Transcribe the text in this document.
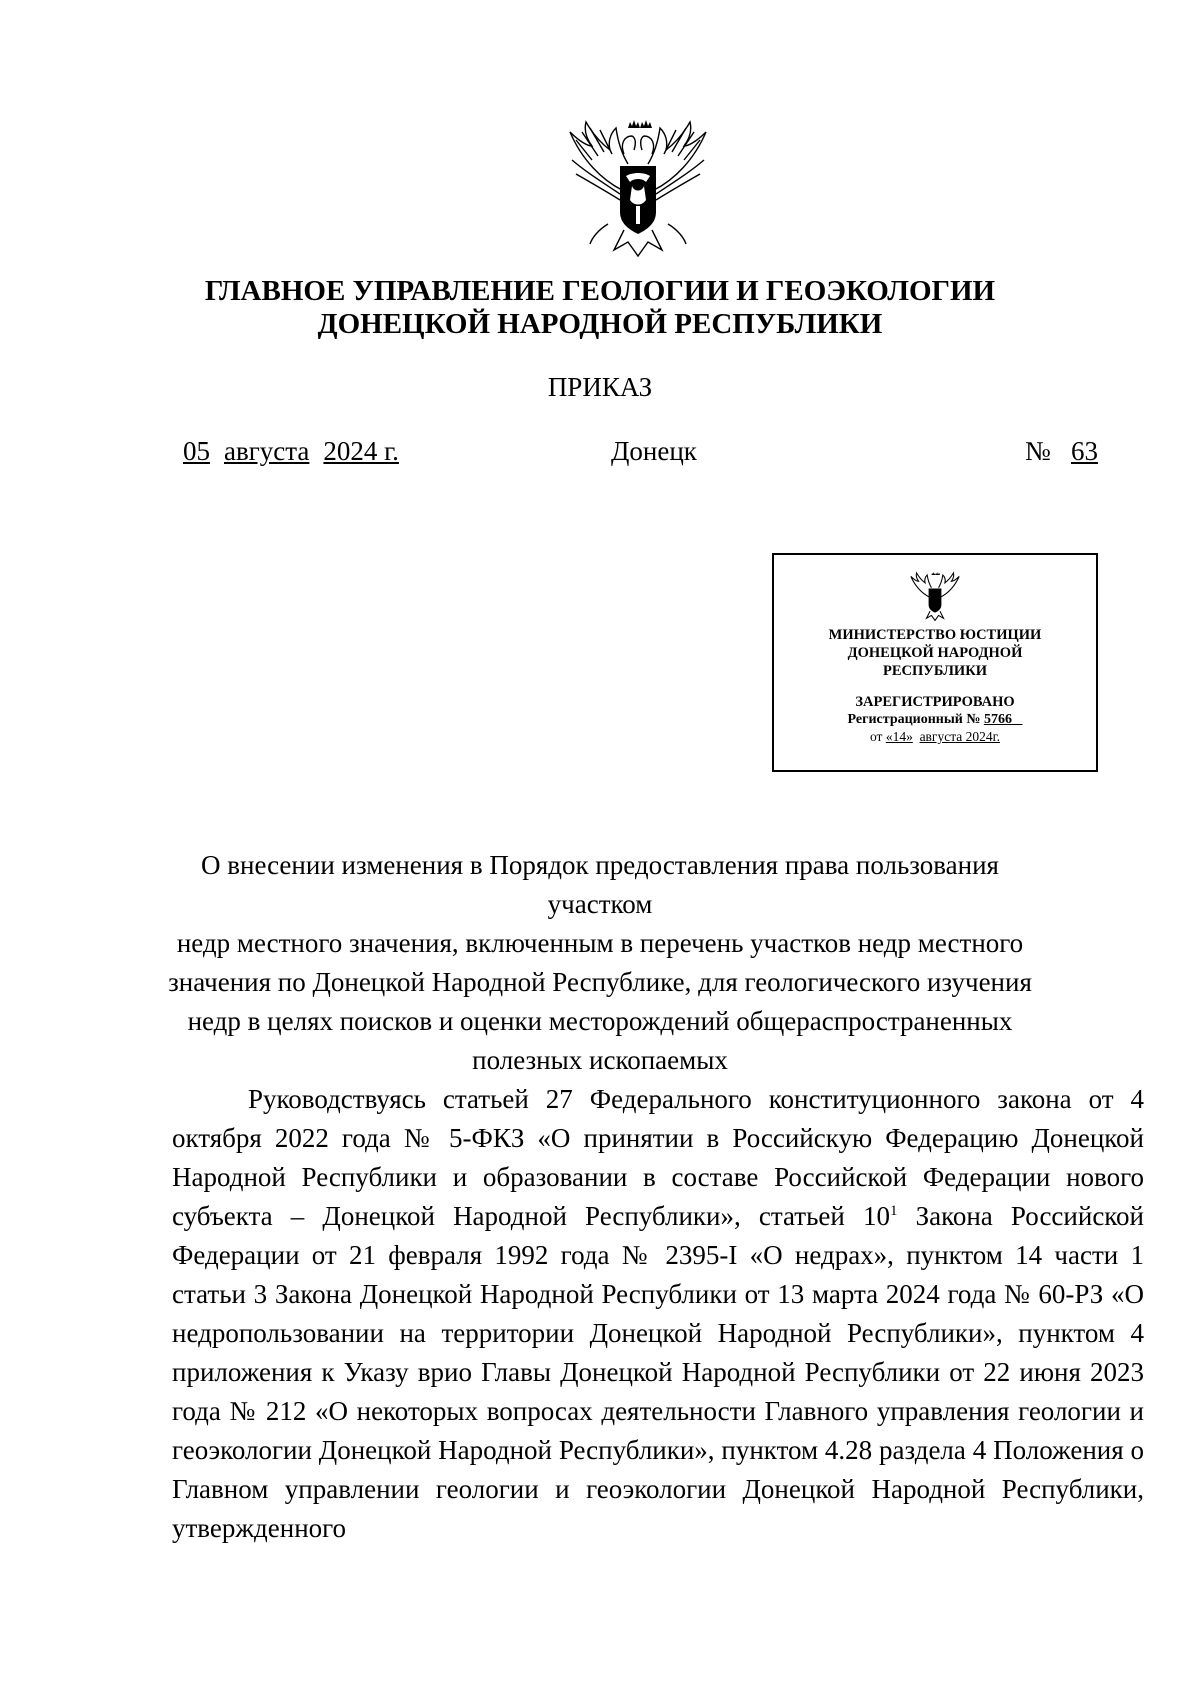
ГЛАВНОЕ УПРАВЛЕНИЕ ГЕОЛОГИИ И ГЕОЭКОЛОГИИ
ДОНЕЦКОЙ НАРОДНОЙ РЕСПУБЛИКИ
ПРИКАЗ
05 августа 2024 г.	Донецк	№ 63
МИНИСТЕРСТВО ЮСТИЦИИ
ДОНЕЦКОЙ НАРОДНОЙ
РЕСПУБЛИКИ
ЗАРЕГИСТРИРОВАНО
Регистрационный № 5766
от «14» августа 2024г.
О внесении изменения в Порядок предоставления права пользования участком
недр местного значения, включенным в перечень участков недр местного
значения по Донецкой Народной Республике, для геологического изучения
недр в целях поисков и оценки месторождений общераспространенных
полезных ископаемых

Руководствуясь статьей 27 Федерального конституционного закона от 4 октября 2022 года № 5-ФКЗ «О принятии в Российскую Федерацию Донецкой Народной Республики и образовании в составе Российской Федерации нового субъекта – Донецкой Народной Республики», статьей $10^1$ Закона Российской Федерации от 21 февраля 1992 года № 2395-I «О недрах», пунктом 14 части 1 статьи 3 Закона Донецкой Народной Республики от 13 марта 2024 года № 60-РЗ «О недропользовании на территории Донецкой Народной Республики», пунктом 4 приложения к Указу врио Главы Донецкой Народной Республики от 22 июня 2023 года № 212 «О некоторых вопросах деятельности Главного управления геологии и геоэкологии Донецкой Народной Республики», пунктом 4.28 раздела 4 Положения о Главном управлении геологии и геоэкологии Донецкой Народной Республики, утвержденного
